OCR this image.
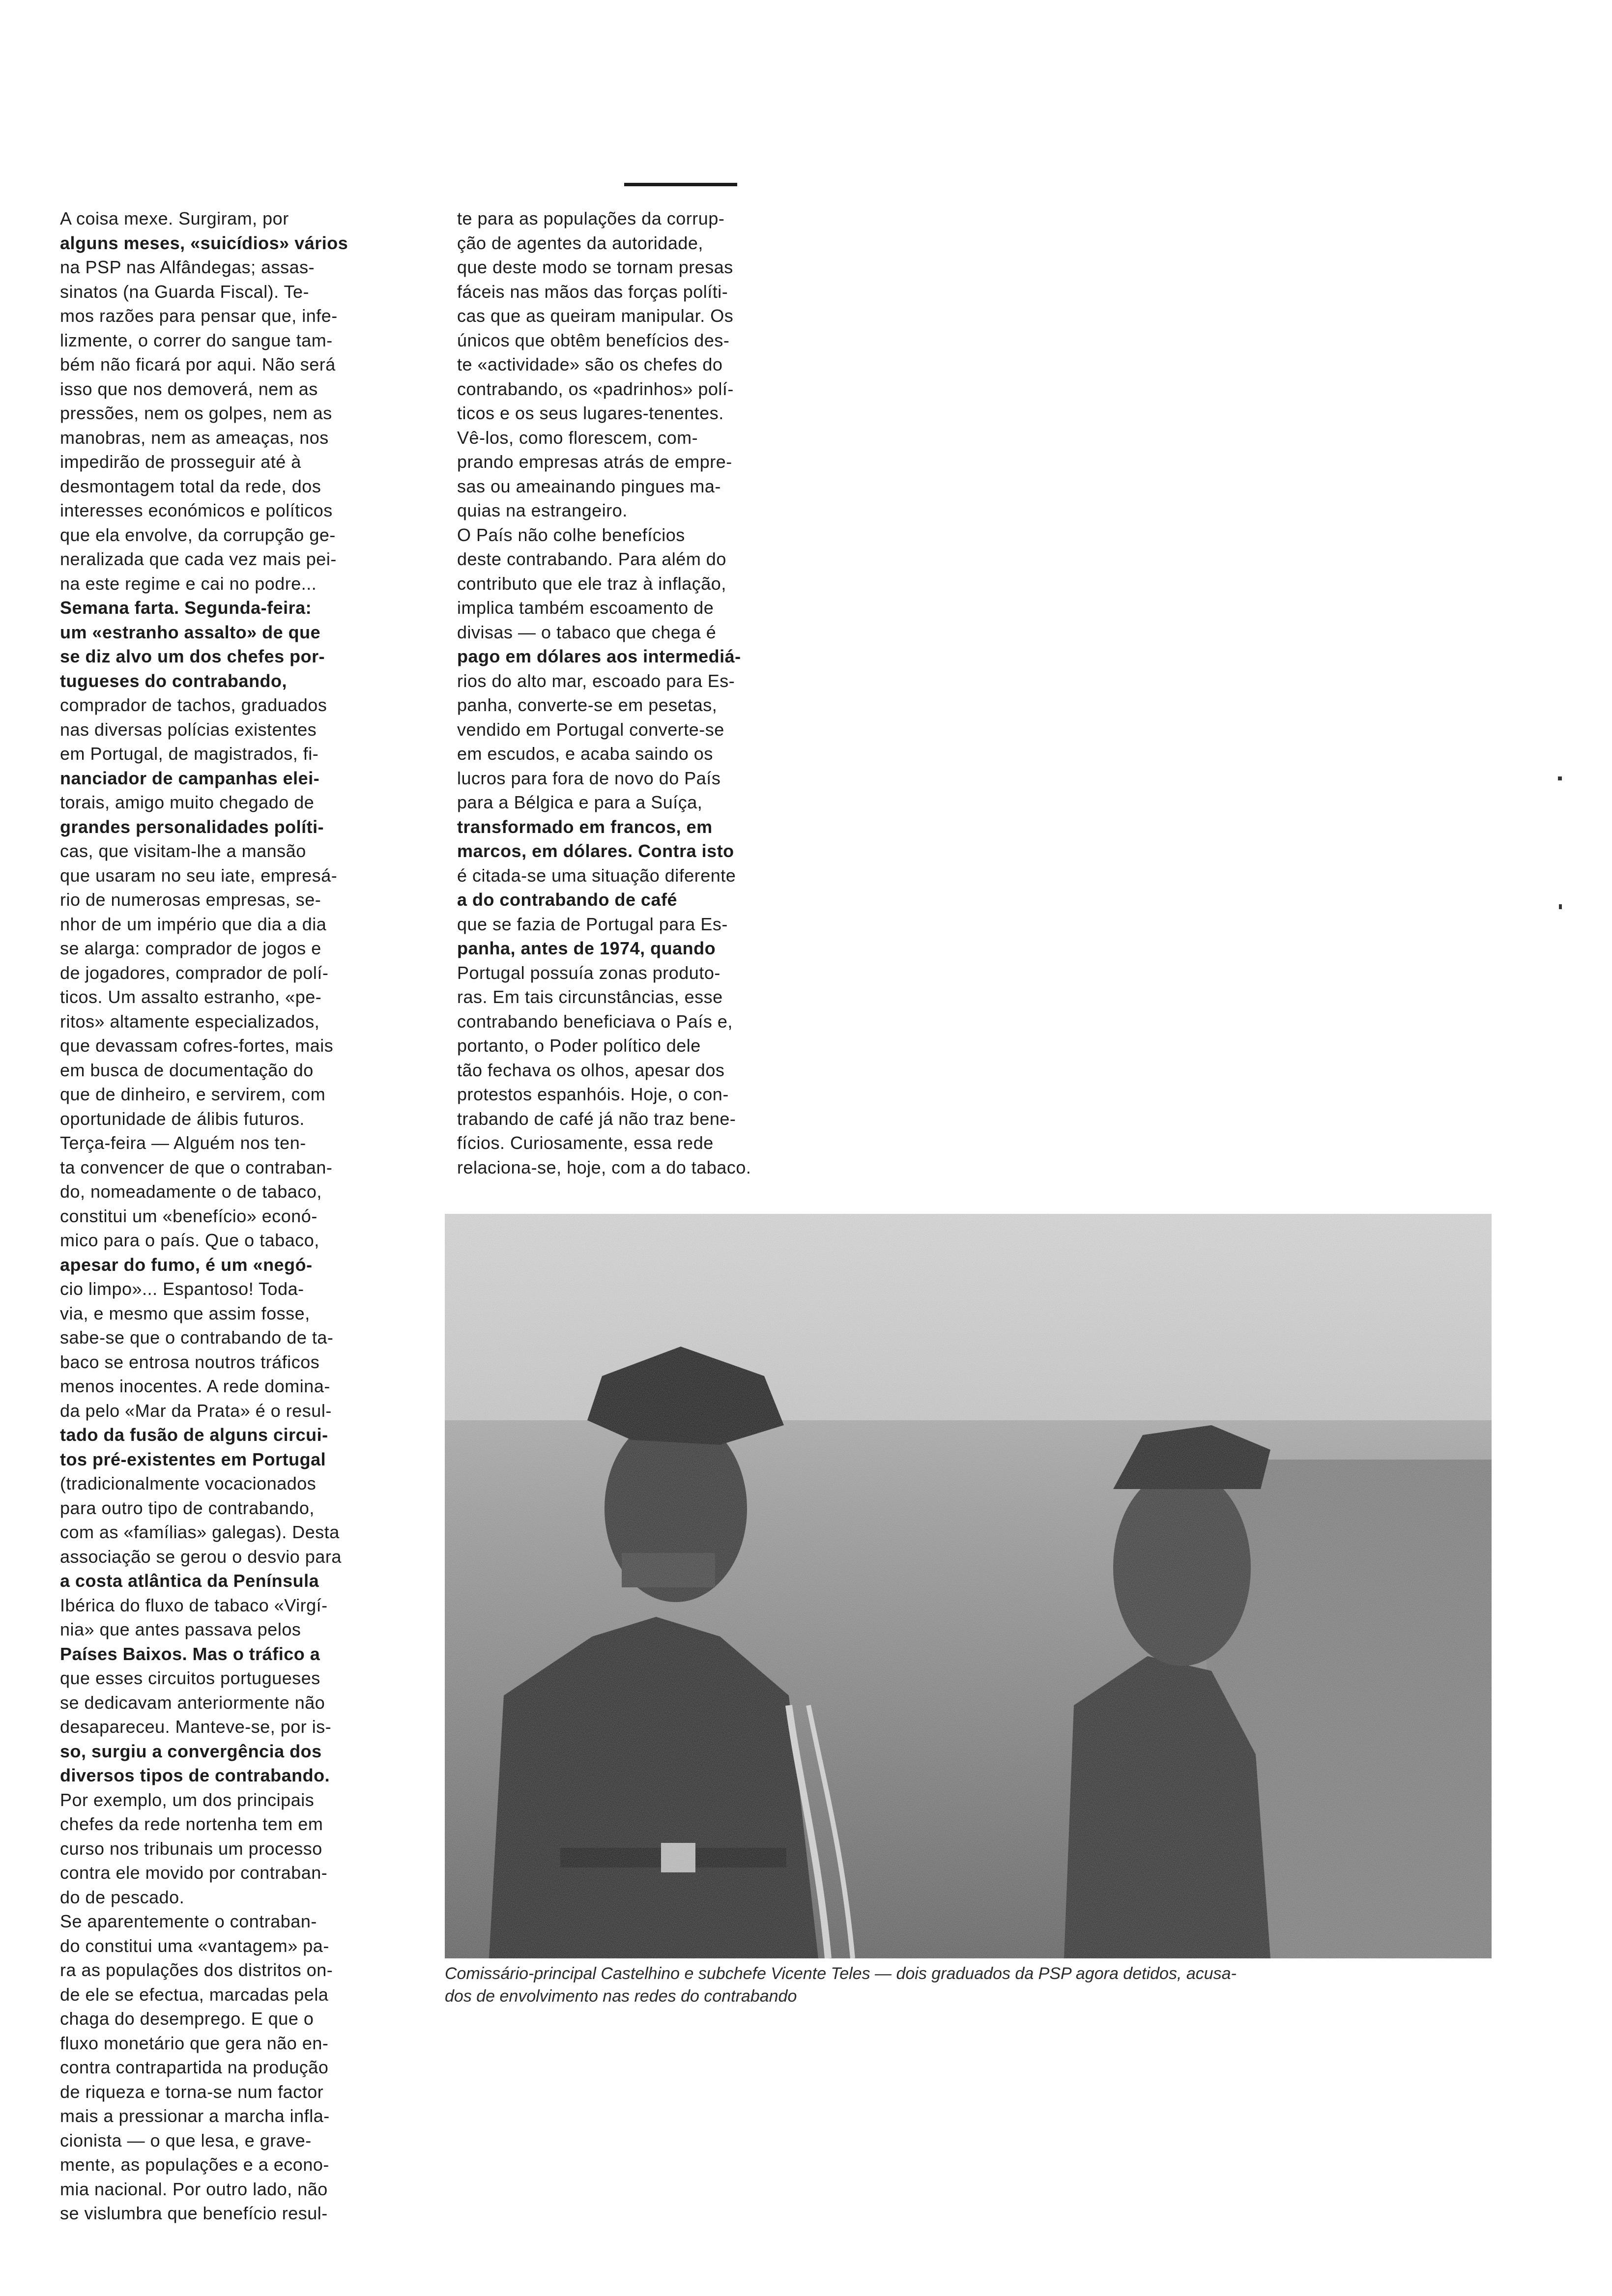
A coisa mexe. Surgiram, por

alguns meses, «suicídios» vários

na PSP nas Alfândegas; assas-

sinatos (na Guarda Fiscal). Te-

mos razões para pensar que, infe-

lizmente, o correr do sangue tam-

bém não ficará por aqui. Não será

isso que nos demoverá, nem as

pressões, nem os golpes, nem as

manobras, nem as ameaças, nos

impedirão de prosseguir até à

desmontagem total da rede, dos

interesses económicos e políticos

que ela envolve, da corrupção ge-

neralizada que cada vez mais pei-

na este regime e cai no podre...

Semana farta. Segunda-feira:

um «estranho assalto» de que

se diz alvo um dos chefes por-

tugueses do contrabando,

comprador de tachos, graduados

nas diversas polícias existentes

em Portugal, de magistrados, fi-

nanciador de campanhas elei-

torais, amigo muito chegado de

grandes personalidades políti-

cas, que visitam-lhe a mansão

que usaram no seu iate, empresá-

rio de numerosas empresas, se-

nhor de um império que dia a dia

se alarga: comprador de jogos e

de jogadores, comprador de polí-

ticos. Um assalto estranho, «pe-

ritos» altamente especializados,

que devassam cofres-fortes, mais

em busca de documentação do

que de dinheiro, e servirem, com

oportunidade de álibis futuros.

Terça-feira — Alguém nos ten-

ta convencer de que o contraban-

do, nomeadamente o de tabaco,

constitui um «benefício» econó-

mico para o país. Que o tabaco,

apesar do fumo, é um «negó-

cio limpo»... Espantoso! Toda-

via, e mesmo que assim fosse,

sabe-se que o contrabando de ta-

baco se entrosa noutros tráficos

menos inocentes. A rede domina-

da pelo «Mar da Prata» é o resul-

tado da fusão de alguns circui-

tos pré-existentes em Portugal

(tradicionalmente vocacionados

para outro tipo de contrabando,

com as «famílias» galegas). Desta

associação se gerou o desvio para

a costa atlântica da Península

Ibérica do fluxo de tabaco «Virgí-

nia» que antes passava pelos

Países Baixos. Mas o tráfico a

que esses circuitos portugueses

se dedicavam anteriormente não

desapareceu. Manteve-se, por is-

so, surgiu a convergência dos

diversos tipos de contrabando.

Por exemplo, um dos principais

chefes da rede nortenha tem em

curso nos tribunais um processo

contra ele movido por contraban-

do de pescado.

Se aparentemente o contraban-

do constitui uma «vantagem» pa-

ra as populações dos distritos on-

de ele se efectua, marcadas pela

chaga do desemprego. E que o

fluxo monetário que gera não en-

contra contrapartida na produção

de riqueza e torna-se num factor

mais a pressionar a marcha infla-

cionista — o que lesa, e grave-

mente, as populações e a econo-

mia nacional. Por outro lado, não

se vislumbra que benefício resul-

te para as populações da corrup-

ção de agentes da autoridade,

que deste modo se tornam presas

fáceis nas mãos das forças políti-

cas que as queiram manipular. Os

únicos que obtêm benefícios des-

te «actividade» são os chefes do

contrabando, os «padrinhos» polí-

ticos e os seus lugares-tenentes.

Vê-los, como florescem, com-

prando empresas atrás de empre-

sas ou ameainando pingues ma-

quias na estrangeiro.

O País não colhe benefícios

deste contrabando. Para além do

contributo que ele traz à inflação,

implica também escoamento de

divisas — o tabaco que chega é

pago em dólares aos intermediá-

rios do alto mar, escoado para Es-

panha, converte-se em pesetas,

vendido em Portugal converte-se

em escudos, e acaba saindo os

lucros para fora de novo do País

para a Bélgica e para a Suíça,

transformado em francos, em

marcos, em dólares. Contra isto

é citada-se uma situação diferente

a do contrabando de café

que se fazia de Portugal para Es-

panha, antes de 1974, quando

Portugal possuía zonas produto-

ras. Em tais circunstâncias, esse

contrabando beneficiava o País e,

portanto, o Poder político dele

tão fechava os olhos, apesar dos

protestos espanhóis. Hoje, o con-

trabando de café já não traz bene-

fícios. Curiosamente, essa rede

relaciona-se, hoje, com a do tabaco.

Comissário-principal Castelhino e subchefe Vicente Teles — dois graduados da PSP agora detidos, acusa-
dos de envolvimento nas redes do contrabando
